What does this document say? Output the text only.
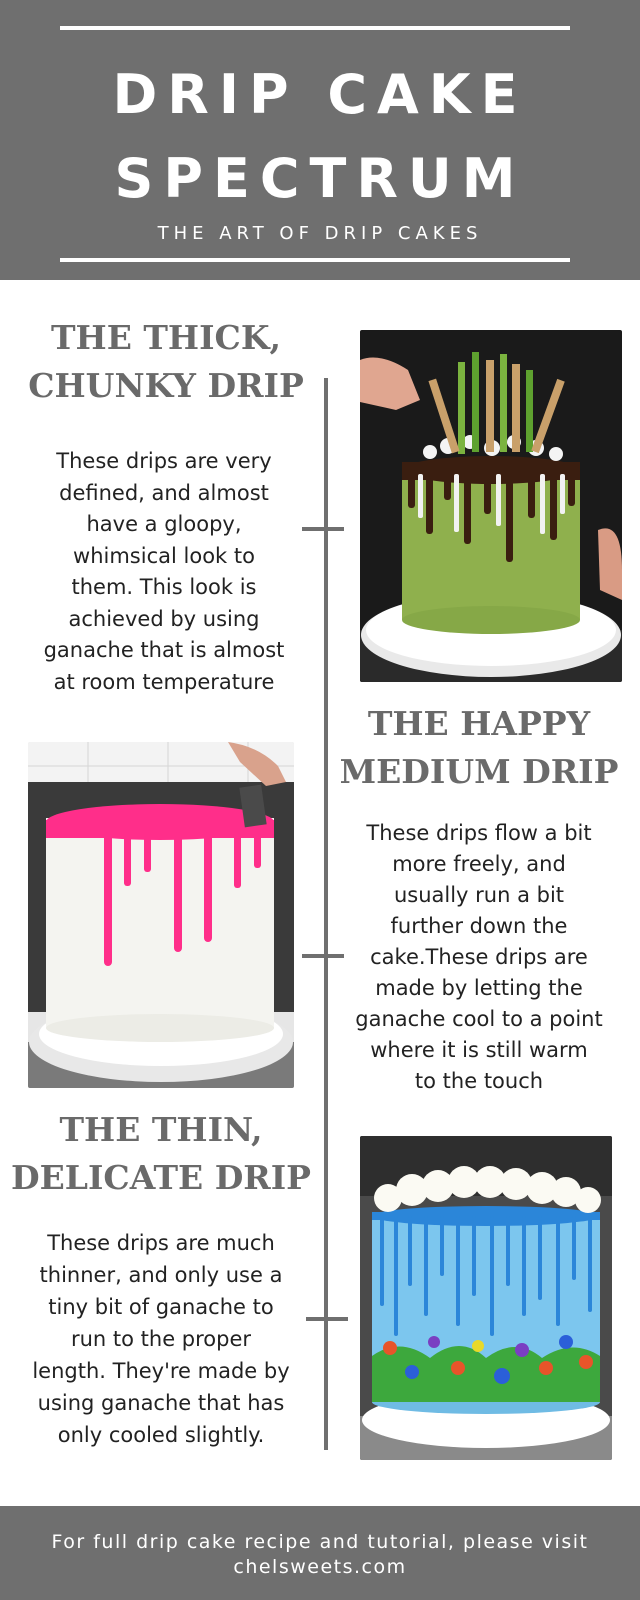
DRIP CAKE
SPECTRUM
THE ART OF DRIP CAKES
THE THICK,
CHUNKY DRIP
These drips are very
defined, and almost
have a gloopy,
whimsical look to
them. This look is
achieved by using
ganache that is almost
at room temperature
THE HAPPY
MEDIUM DRIP
These drips flow a bit
more freely, and
usually run a bit
further down the
cake.These drips are
made by letting the
ganache cool to a point
where it is still warm
to the touch
THE THIN,
DELICATE DRIP
These drips are much
thinner, and only use a
tiny bit of ganache to
run to the proper
length. They're made by
using ganache that has
only cooled slightly.
For full drip cake recipe and tutorial, please visit
chelsweets.com
